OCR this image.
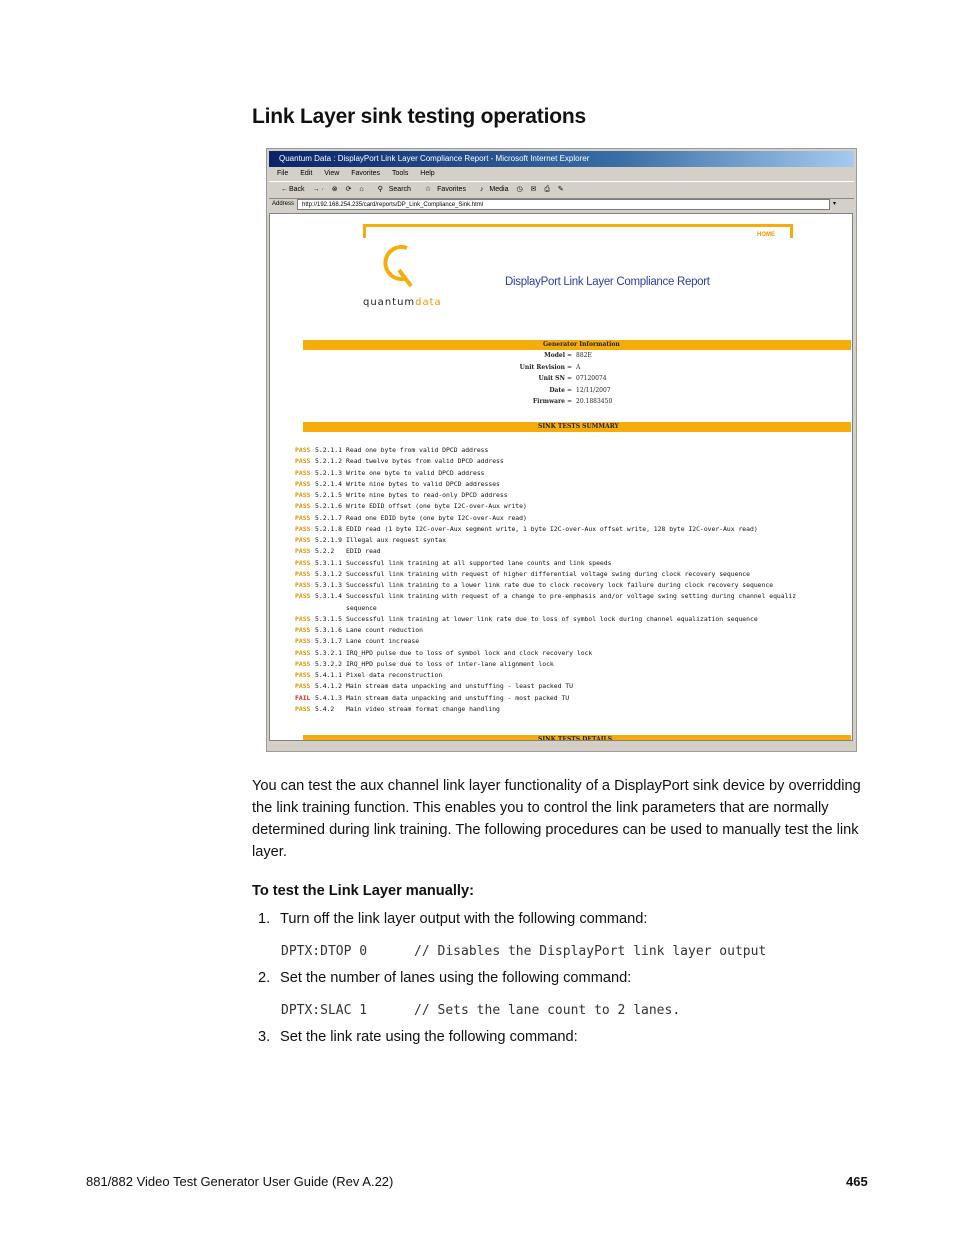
Link Layer sink testing operations
Quantum Data : DisplayPort Link Layer Compliance Report - Microsoft Internet Explorer
File Edit View Favorites Tools Help
←Back → · ⊗ ⟳ ⌂ ⚲ Search ☆ Favorites ♪ Media ◷ ✉ ⎙ ✎
Address	http://192.168.254.235/card/reports/DP_Link_Compliance_Sink.html	▾
HOME
quantumdata
DisplayPort Link Layer Compliance Report
Generator Information
Model = 882E
Unit Revision = A
Unit SN = 07120074
Date = 12/11/2007
Firmware = 20.1883450
SINK TESTS SUMMARY
PASS 5.2.1.1 Read one byte from valid DPCD address
PASS 5.2.1.2 Read twelve bytes from valid DPCD address
PASS 5.2.1.3 Write one byte to valid DPCD address
PASS 5.2.1.4 Write nine bytes to valid DPCD addresses
PASS 5.2.1.5 Write nine bytes to read-only DPCD address
PASS 5.2.1.6 Write EDID offset (one byte I2C-over-Aux write)
PASS 5.2.1.7 Read one EDID byte (one byte I2C-over-Aux read)
PASS 5.2.1.8 EDID read (1 byte I2C-over-Aux segment write, 1 byte I2C-over-Aux offset write, 128 byte I2C-over-Aux read)
PASS 5.2.1.9 Illegal aux request syntax
PASS 5.2.2 EDID read
PASS 5.3.1.1 Successful link training at all supported lane counts and link speeds
PASS 5.3.1.2 Successful link training with request of higher differential voltage swing during clock recovery sequence
PASS 5.3.1.3 Successful link training to a lower link rate due to clock recovery lock failure during clock recovery sequence
PASS 5.3.1.4 Successful link training with request of a change to pre-emphasis and/or voltage swing setting during channel equaliz
sequence
PASS 5.3.1.5 Successful link training at lower link rate due to loss of symbol lock during channel equalization sequence
PASS 5.3.1.6 Lane count reduction
PASS 5.3.1.7 Lane count increase
PASS 5.3.2.1 IRQ_HPD pulse due to loss of symbol lock and clock recovery lock
PASS 5.3.2.2 IRQ_HPD pulse due to loss of inter-lane alignment lock
PASS 5.4.1.1 Pixel data reconstruction
PASS 5.4.1.2 Main stream data unpacking and unstuffing - least packed TU
FAIL 5.4.1.3 Main stream data unpacking and unstuffing - most packed TU
PASS 5.4.2 Main video stream format change handling
SINK TESTS DETAILS
You can test the aux channel link layer functionality of a DisplayPort sink device by overridding the link training function. This enables you to control the link parameters that are normally determined during link training. The following procedures can be used to manually test the link layer.
To test the Link Layer manually:
1. Turn off the link layer output with the following command:
DPTX:DTOP 0      // Disables the DisplayPort link layer output
2. Set the number of lanes using the following command:
DPTX:SLAC 1      // Sets the lane count to 2 lanes.
3. Set the link rate using the following command:
881/882 Video Test Generator User Guide (Rev A.22)	465
